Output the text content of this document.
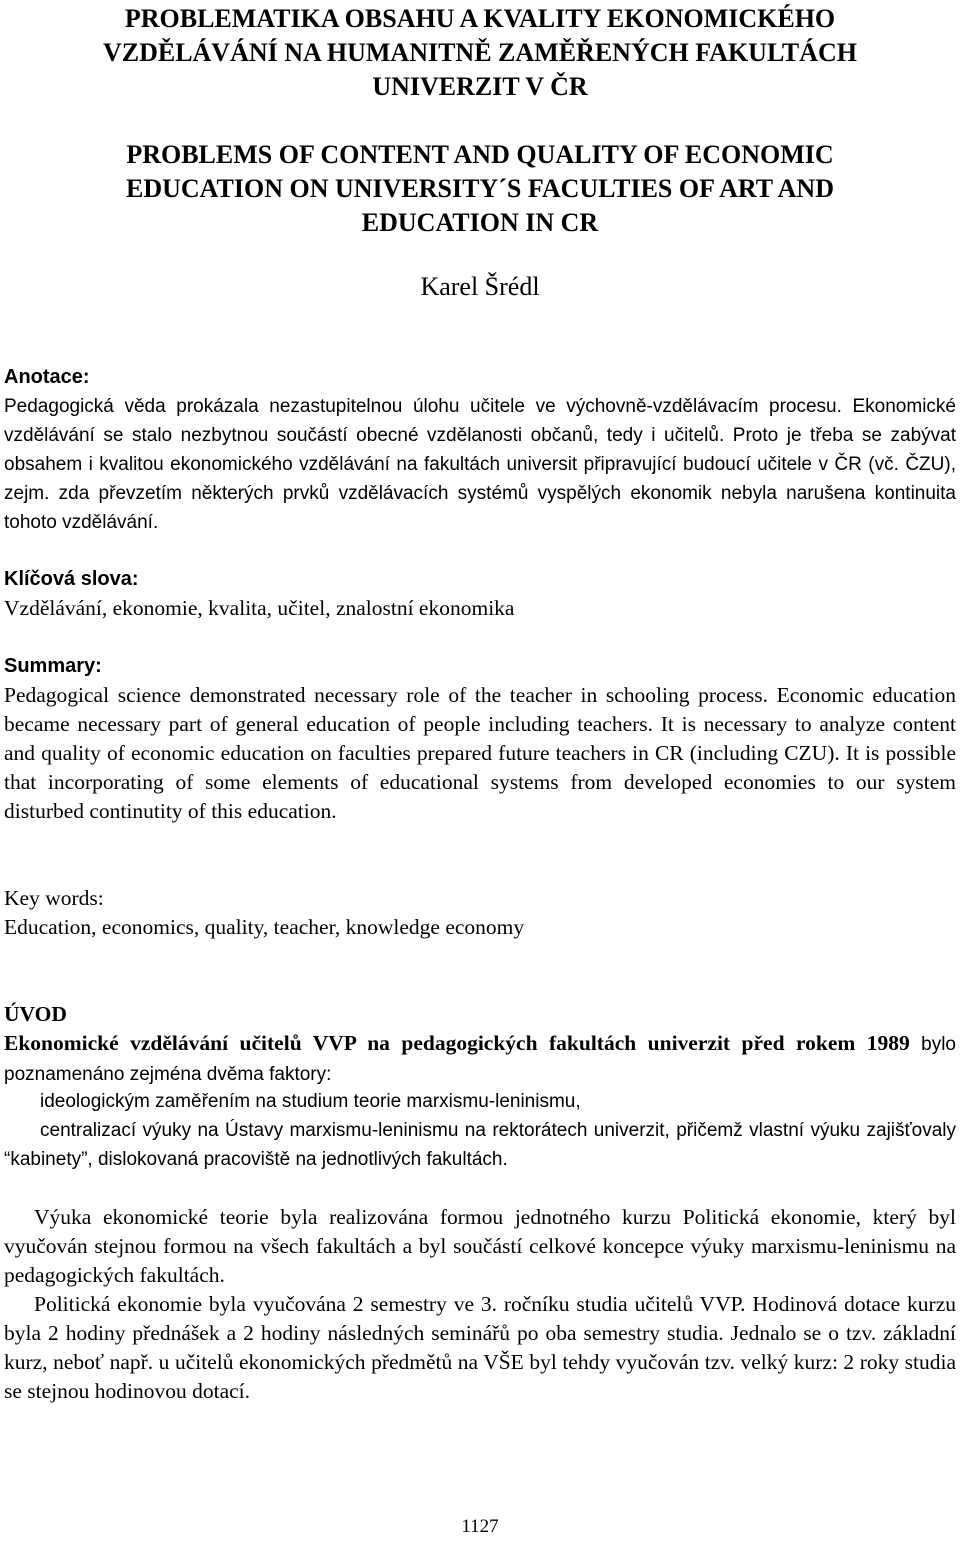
PROBLEMATIKA OBSAHU A KVALITY EKONOMICKÉHO
VZDĚLÁVÁNÍ NA HUMANITNĚ ZAMĚŘENÝCH FAKULTÁCH
UNIVERZIT V ČR
PROBLEMS OF CONTENT AND QUALITY OF ECONOMIC
EDUCATION ON UNIVERSITY´S FACULTIES OF ART AND
EDUCATION IN CR

Karel Šrédl

Anotace:

Pedagogická věda prokázala nezastupitelnou úlohu učitele ve výchovně-vzdělávacím procesu. Ekonomické vzdělávání se stalo nezbytnou součástí obecné vzdělanosti občanů, tedy i učitelů. Proto je třeba se zabývat obsahem i kvalitou ekonomického vzdělávání na fakultách universit připravující budoucí učitele v ČR (vč. ČZU), zejm. zda převzetím některých prvků vzdělávacích systémů vyspělých ekonomik nebyla narušena kontinuita tohoto vzdělávání.

Klíčová slova:

Vzdělávání, ekonomie, kvalita, učitel, znalostní ekonomika

Summary:

Pedagogical science demonstrated necessary role of the teacher in schooling process. Economic education became necessary part of general education of people including teachers. It is necessary to analyze content and quality of economic education on faculties prepared future teachers in CR (including CZU). It is possible that incorporating of some elements of educational systems from developed economies to our system disturbed continutity of this education.

Key words:

Education, economics, quality, teacher, knowledge economy

ÚVOD

Ekonomické vzdělávání učitelů VVP na pedagogických fakultách univerzit před rokem 1989 bylo poznamenáno zejména dvěma faktory:
ideologickým zaměřením na studium teorie marxismu-leninismu,
centralizací výuky na Ústavy marxismu-leninismu na rektorátech univerzit, přičemž vlastní výuku zajišťovaly “kabinety”, dislokovaná pracoviště na jednotlivých fakultách.

Výuka ekonomické teorie byla realizována formou jednotného kurzu Politická ekonomie, který byl vyučován stejnou formou na všech fakultách a byl součástí celkové koncepce výuky marxismu-leninismu na pedagogických fakultách.

Politická ekonomie byla vyučována 2 semestry ve 3. ročníku studia učitelů VVP. Hodinová dotace kurzu byla 2 hodiny přednášek a 2 hodiny následných seminářů po oba semestry studia. Jednalo se o tzv. základní kurz, neboť např. u učitelů ekonomických předmětů na VŠE byl tehdy vyučován tzv. velký kurz: 2 roky studia se stejnou hodinovou dotací.

1127
